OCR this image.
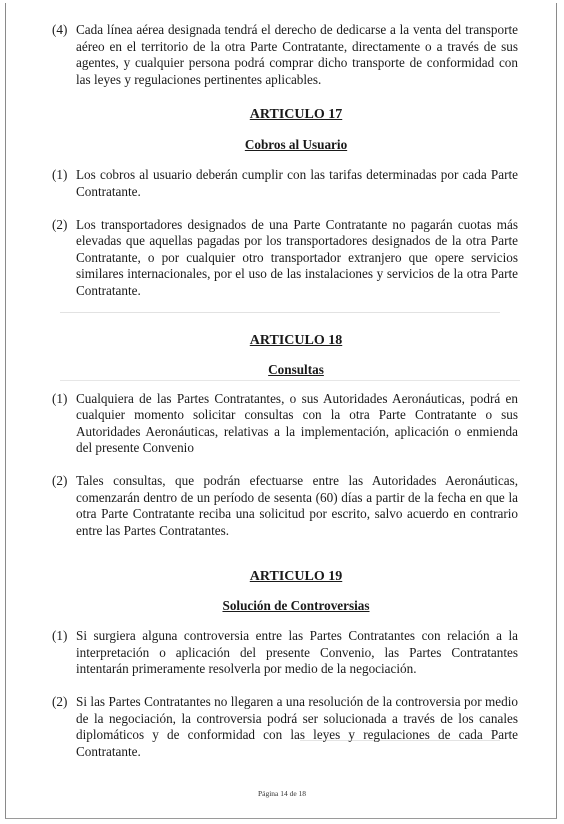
(4) Cada línea aérea designada tendrá el derecho de dedicarse a la venta del transporte aéreo en el territorio de la otra Parte Contratante, directamente o a través de sus agentes, y cualquier persona podrá comprar dicho transporte de conformidad con las leyes y regulaciones pertinentes aplicables.
ARTICULO 17
Cobros al Usuario
(1) Los cobros al usuario deberán cumplir con las tarifas determinadas por cada Parte Contratante.
(2) Los transportadores designados de una Parte Contratante no pagarán cuotas más elevadas que aquellas pagadas por los transportadores designados de la otra Parte Contratante, o por cualquier otro transportador extranjero que opere servicios similares internacionales, por el uso de las instalaciones y servicios de la otra Parte Contratante.
ARTICULO 18
Consultas
(1) Cualquiera de las Partes Contratantes, o sus Autoridades Aeronáuticas, podrá en cualquier momento solicitar consultas con la otra Parte Contratante o sus Autoridades Aeronáuticas, relativas a la implementación, aplicación o enmienda del presente Convenio
(2) Tales consultas, que podrán efectuarse entre las Autoridades Aeronáuticas, comenzarán dentro de un período de sesenta (60) días a partir de la fecha en que la otra Parte Contratante reciba una solicitud por escrito, salvo acuerdo en contrario entre las Partes Contratantes.
ARTICULO 19
Solución de Controversias
(1) Si surgiera alguna controversia entre las Partes Contratantes con relación a la interpretación o aplicación del presente Convenio, las Partes Contratantes intentarán primeramente resolverla por medio de la negociación.
(2) Si las Partes Contratantes no llegaren a una resolución de la controversia por medio de la negociación, la controversia podrá ser solucionada a través de los canales diplomáticos y de conformidad con las leyes y regulaciones de cada Parte Contratante.
Página 14 de 18
